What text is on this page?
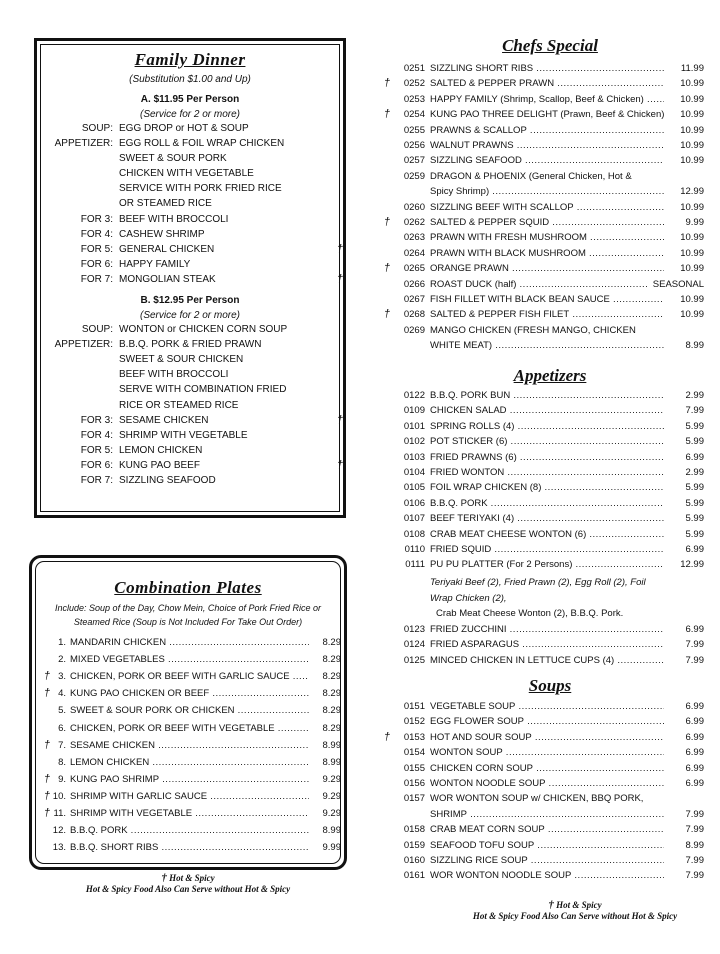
Family Dinner
(Substitution $1.00 and Up)
A. $11.95 Per Person
(Service for 2 or more)
SOUP: EGG DROP or HOT & SOUP
APPETIZER: EGG ROLL & FOIL WRAP CHICKEN
SWEET & SOUR PORK
CHICKEN WITH VEGETABLE
SERVICE WITH PORK FRIED RICE
OR STEAMED RICE
FOR 3: BEEF WITH BROCCOLI
FOR 4: CASHEW SHRIMP
FOR 5: GENERAL CHICKEN	†
FOR 6: HAPPY FAMILY
FOR 7: MONGOLIAN STEAK	†
B. $12.95 Per Person
(Service for 2 or more)
SOUP: WONTON or CHICKEN CORN SOUP
APPETIZER: B.B.Q. PORK & FRIED PRAWN
SWEET & SOUR CHICKEN
BEEF WITH BROCCOLI
SERVE WITH COMBINATION FRIED
RICE OR STEAMED RICE
FOR 3: SESAME CHICKEN	†
FOR 4: SHRIMP WITH VEGETABLE
FOR 5: LEMON CHICKEN
FOR 6: KUNG PAO BEEF	†
FOR 7: SIZZLING SEAFOOD
Combination Plates
Include: Soup of the Day, Chow Mein, Choice of Pork Fried Rice or
Steamed Rice (Soup is Not Included For Take Out Order)
1. MANDARIN CHICKEN .....	8.29
2. MIXED VEGETABLES .....	8.29
† 3. CHICKEN, PORK OR BEEF WITH GARLIC SAUCE .....	8.29
† 4. KUNG PAO CHICKEN OR BEEF .....	8.29
5. SWEET & SOUR PORK OR CHICKEN .....	8.29
6. CHICKEN, PORK OR BEEF WITH VEGETABLE .....	8.29
† 7. SESAME CHICKEN .....	8.99
8. LEMON CHICKEN .....	8.99
† 9. KUNG PAO SHRIMP .....	9.29
† 10. SHRIMP WITH GARLIC SAUCE .....	9.29
† 11. SHRIMP WITH VEGETABLE .....	9.29
12. B.B.Q. PORK .....	8.99
13. B.B.Q. SHORT RIBS .....	9.99
† Hot & Spicy
Hot & Spicy Food Also Can Serve without Hot & Spicy
Chefs Special
Appetizers
Soups
0251 SIZZLING SHORT RIBS .....	11.99
†	0252 SALTED & PEPPER PRAWN .....	10.99
0253 HAPPY FAMILY (Shrimp, Scallop, Beef & Chicken) .....	10.99
†	0254 KUNG PAO THREE DELIGHT (Prawn, Beef & Chicken) .....	10.99
0255 PRAWNS & SCALLOP .....	10.99
0256 WALNUT PRAWNS .....	10.99
0257 SIZZLING SEAFOOD .....	10.99
0259 DRAGON & PHOENIX (General Chicken, Hot &
Spicy Shrimp) .....	12.99
0260 SIZZLING BEEF WITH SCALLOP .....	10.99
†	0262 SALTED & PEPPER SQUID .....	9.99
0263 PRAWN WITH FRESH MUSHROOM .....	10.99
0264 PRAWN WITH BLACK MUSHROOM .....	10.99
†	0265 ORANGE PRAWN .....	10.99
0266 ROAST DUCK (half) .....	SEASONAL
0267 FISH FILLET WITH BLACK BEAN SAUCE .....	10.99
†	0268 SALTED & PEPPER FISH FILET .....	10.99
0269 MANGO CHICKEN (FRESH MANGO, CHICKEN
WHITE MEAT) .....	8.99
0122 B.B.Q. PORK BUN .....	2.99
0109 CHICKEN SALAD .....	7.99
0101 SPRING ROLLS (4) .....	5.99
0102 POT STICKER (6) .....	5.99
0103 FRIED PRAWNS (6) .....	6.99
0104 FRIED WONTON .....	2.99
0105 FOIL WRAP CHICKEN (8) .....	5.99
0106 B.B.Q. PORK .....	5.99
0107 BEEF TERIYAKI (4) .....	5.99
0108 CRAB MEAT CHEESE WONTON (6) .....	5.99
0110 FRIED SQUID .....	6.99
0111 PU PU PLATTER (For 2 Persons) .....	12.99
Teriyaki Beef (2), Fried Prawn (2), Egg Roll (2), Foil
Wrap Chicken (2),
Crab Meat Cheese Wonton (2), B.B.Q. Pork.
0123 FRIED ZUCCHINI .....	6.99
0124 FRIED ASPARAGUS .....	7.99
0125 MINCED CHICKEN IN LETTUCE CUPS (4) .....	7.99
0151 VEGETABLE SOUP .....	6.99
0152 EGG FLOWER SOUP .....	6.99
†	0153 HOT AND SOUR SOUP .....	6.99
0154 WONTON SOUP .....	6.99
0155 CHICKEN CORN SOUP .....	6.99
0156 WONTON NOODLE SOUP .....	6.99
0157 WOR WONTON SOUP w/ CHICKEN, BBQ PORK,
SHRIMP .....	7.99
0158 CRAB MEAT CORN SOUP .....	7.99
0159 SEAFOOD TOFU SOUP .....	8.99
0160 SIZZLING RICE SOUP .....	7.99
0161 WOR WONTON NOODLE SOUP .....	7.99
† Hot & Spicy
Hot & Spicy Food Also Can Serve without Hot & Spicy
